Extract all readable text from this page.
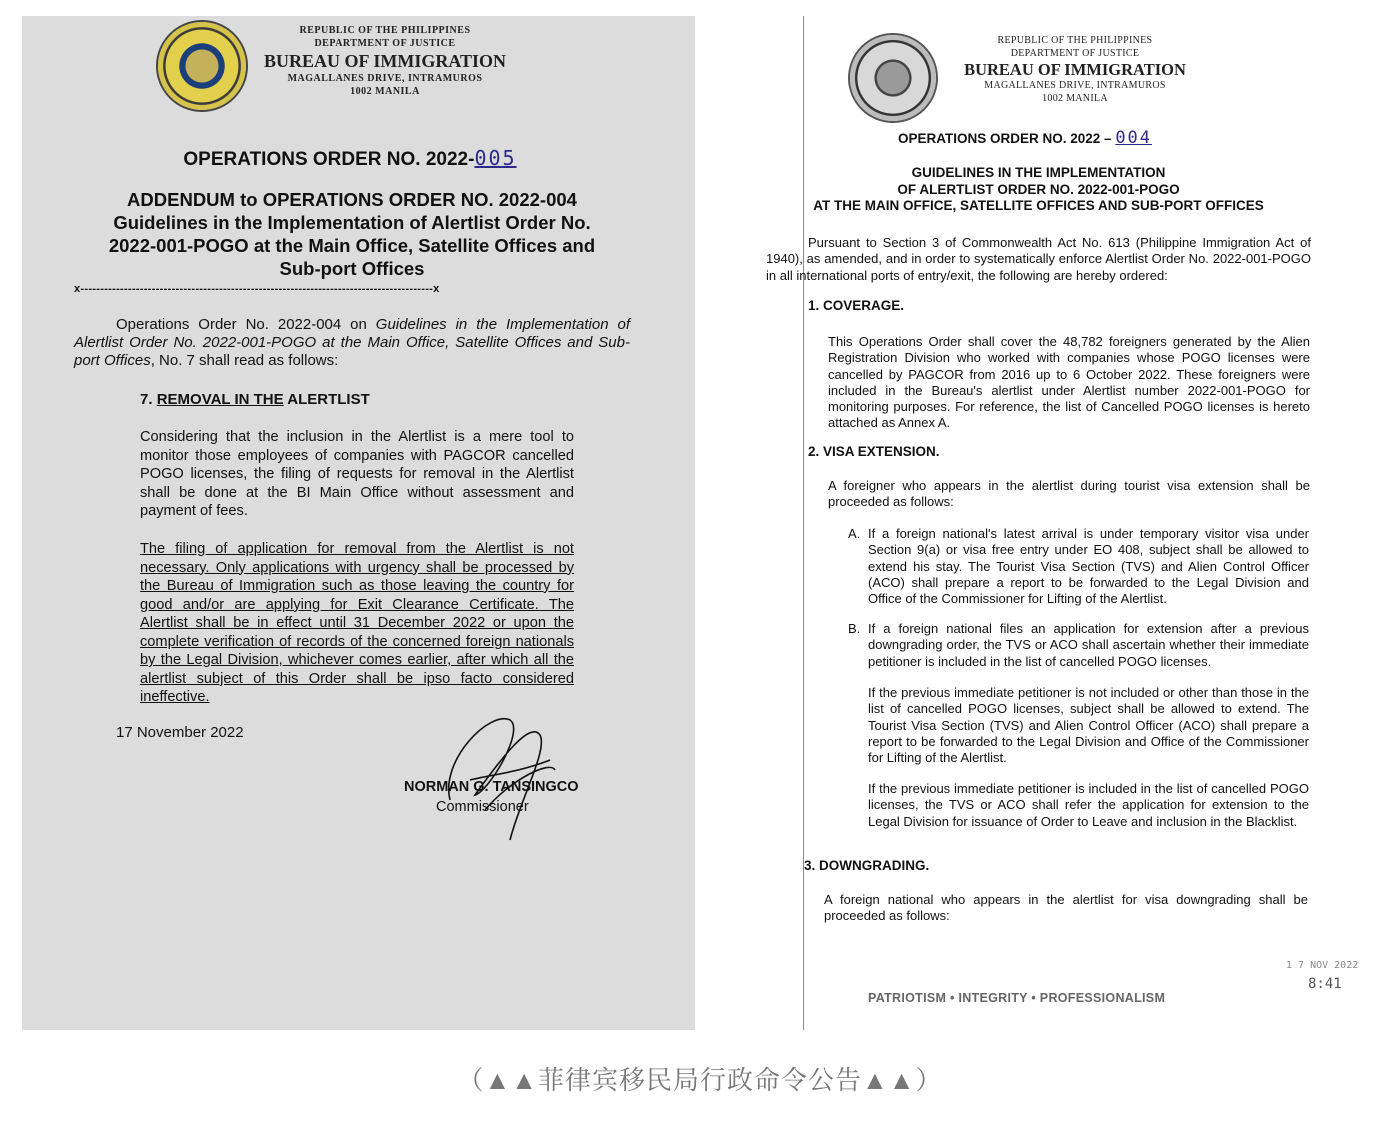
REPUBLIC OF THE PHILIPPINES
DEPARTMENT OF JUSTICE
BUREAU OF IMMIGRATION
MAGALLANES DRIVE, INTRAMUROS
1002 MANILA
OPERATIONS ORDER NO. 2022-005
ADDENDUM to OPERATIONS ORDER NO. 2022-004
Guidelines in the Implementation of Alertlist Order No.
2022-001-POGO at the Main Office, Satellite Offices and
Sub-port Offices
x-----------------------------------------------------------------------------------------x
Operations Order No. 2022-004 on Guidelines in the Implementation of Alertlist Order No. 2022-001-POGO at the Main Office, Satellite Offices and Sub-port Offices, No. 7 shall read as follows:
7. REMOVAL IN THE ALERTLIST
Considering that the inclusion in the Alertlist is a mere tool to monitor those employees of companies with PAGCOR cancelled POGO licenses, the filing of requests for removal in the Alertlist shall be done at the BI Main Office without assessment and payment of fees.
The filing of application for removal from the Alertlist is not necessary. Only applications with urgency shall be processed by the Bureau of Immigration such as those leaving the country for good and/or are applying for Exit Clearance Certificate. The Alertlist shall be in effect until 31 December 2022 or upon the complete verification of records of the concerned foreign nationals by the Legal Division, whichever comes earlier, after which all the alertlist subject of this Order shall be ipso facto considered ineffective.
17 November 2022
NORMAN G. TANSINGCO
Commissioner
REPUBLIC OF THE PHILIPPINES
DEPARTMENT OF JUSTICE
BUREAU OF IMMIGRATION
MAGALLANES DRIVE, INTRAMUROS
1002 MANILA
OPERATIONS ORDER NO. 2022 – 004
GUIDELINES IN THE IMPLEMENTATION
OF ALERTLIST ORDER NO. 2022-001-POGO
AT THE MAIN OFFICE, SATELLITE OFFICES AND SUB-PORT OFFICES
Pursuant to Section 3 of Commonwealth Act No. 613 (Philippine Immigration Act of 1940), as amended, and in order to systematically enforce Alertlist Order No. 2022-001-POGO in all international ports of entry/exit, the following are hereby ordered:
1. COVERAGE.
This Operations Order shall cover the 48,782 foreigners generated by the Alien Registration Division who worked with companies whose POGO licenses were cancelled by PAGCOR from 2016 up to 6 October 2022. These foreigners were included in the Bureau's alertlist under Alertlist number 2022-001-POGO for monitoring purposes. For reference, the list of Cancelled POGO licenses is hereto attached as Annex A.
2. VISA EXTENSION.
A foreigner who appears in the alertlist during tourist visa extension shall be proceeded as follows:
A. If a foreign national's latest arrival is under temporary visitor visa under Section 9(a) or visa free entry under EO 408, subject shall be allowed to extend his stay. The Tourist Visa Section (TVS) and Alien Control Officer (ACO) shall prepare a report to be forwarded to the Legal Division and Office of the Commissioner for Lifting of the Alertlist.
B. If a foreign national files an application for extension after a previous downgrading order, the TVS or ACO shall ascertain whether their immediate petitioner is included in the list of cancelled POGO licenses.
If the previous immediate petitioner is not included or other than those in the list of cancelled POGO licenses, subject shall be allowed to extend. The Tourist Visa Section (TVS) and Alien Control Officer (ACO) shall prepare a report to be forwarded to the Legal Division and Office of the Commissioner for Lifting of the Alertlist.
If the previous immediate petitioner is included in the list of cancelled POGO licenses, the TVS or ACO shall refer the application for extension to the Legal Division for issuance of Order to Leave and inclusion in the Blacklist.
3. DOWNGRADING.
A foreign national who appears in the alertlist for visa downgrading shall be proceeded as follows:
1 7 NOV 2022
8:41
PATRIOTISM • INTEGRITY • PROFESSIONALISM
（▲▲菲律宾移民局行政命令公告▲▲）
